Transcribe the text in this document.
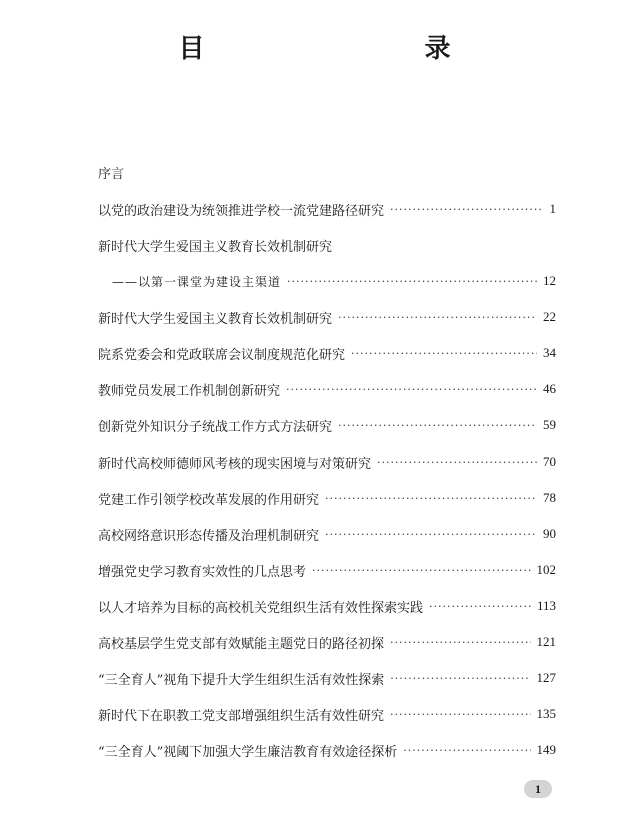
目　　录
序言
以党的政治建设为统领推进学校一流党建路径研究 ·····	1
新时代大学生爱国主义教育长效机制研究
——以第一课堂为建设主渠道 ·····	12
新时代大学生爱国主义教育长效机制研究 ·····	22
院系党委会和党政联席会议制度规范化研究 ·····	34
教师党员发展工作机制创新研究 ·····	46
创新党外知识分子统战工作方式方法研究 ·····	59
新时代高校师德师风考核的现实困境与对策研究 ·····	70
党建工作引领学校改革发展的作用研究 ·····	78
高校网络意识形态传播及治理机制研究 ·····	90
增强党史学习教育实效性的几点思考 ·····	102
以人才培养为目标的高校机关党组织生活有效性探索实践 ·····	113
高校基层学生党支部有效赋能主题党日的路径初探 ·····	121
“三全育人”视角下提升大学生组织生活有效性探索 ·····	127
新时代下在职教工党支部增强组织生活有效性研究 ·····	135
“三全育人”视阈下加强大学生廉洁教育有效途径探析 ·····	149
1
